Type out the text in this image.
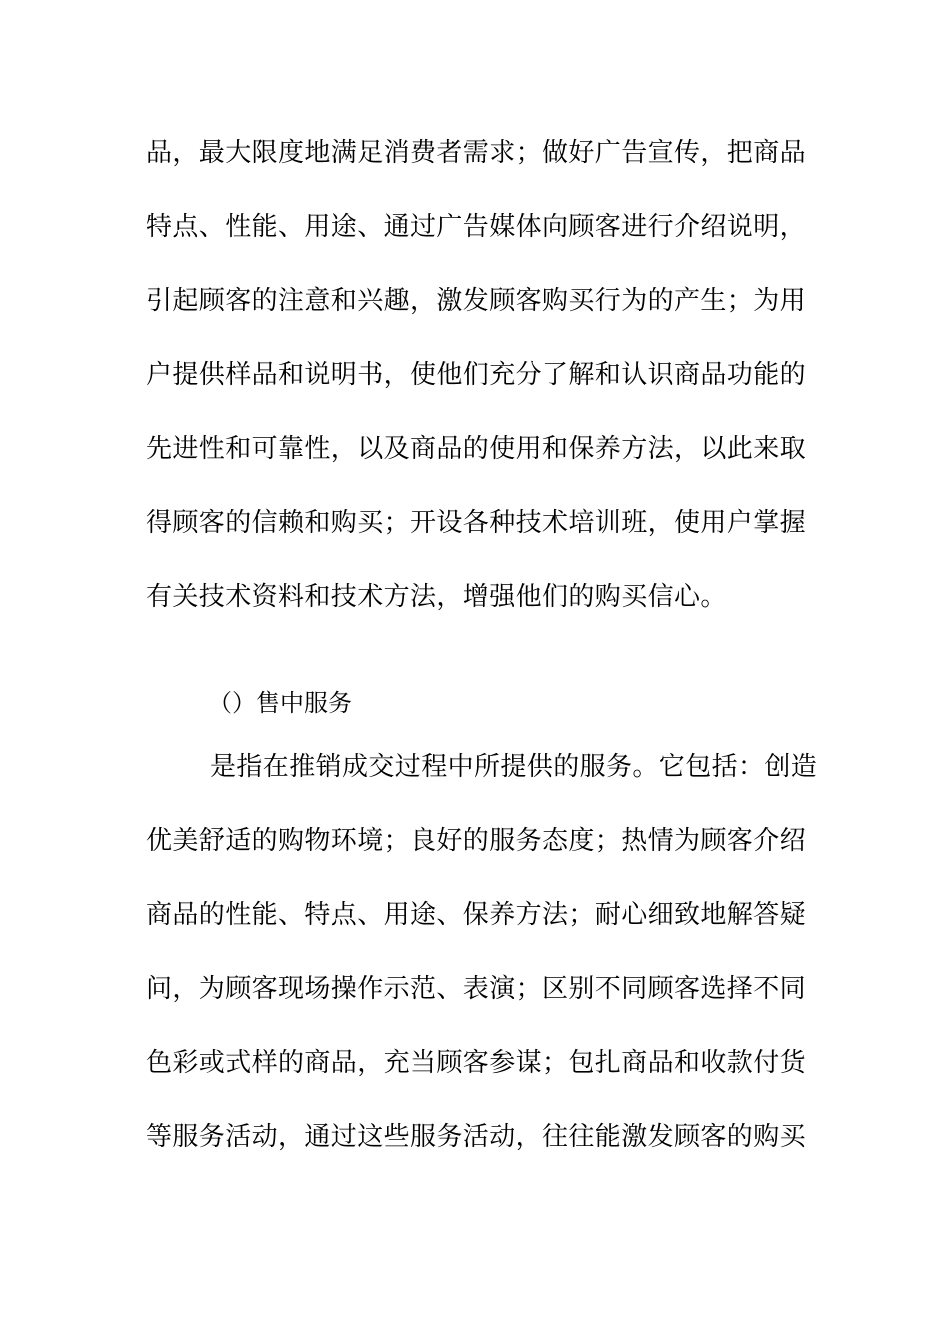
品，最大限度地满足消费者需求；做好广告宣传，把商品
特点、性能、用途、通过广告媒体向顾客进行介绍说明，
引起顾客的注意和兴趣，激发顾客购买行为的产生；为用
户提供样品和说明书，使他们充分了解和认识商品功能的
先进性和可靠性，以及商品的使用和保养方法，以此来取
得顾客的信赖和购买；开设各种技术培训班，使用户掌握
有关技术资料和技术方法，增强他们的购买信心。
（）售中服务
是指在推销成交过程中所提供的服务。它包括：创造
优美舒适的购物环境；良好的服务态度；热情为顾客介绍
商品的性能、特点、用途、保养方法；耐心细致地解答疑
问，为顾客现场操作示范、表演；区别不同顾客选择不同
色彩或式样的商品，充当顾客参谋；包扎商品和收款付货
等服务活动，通过这些服务活动，往往能激发顾客的购买
